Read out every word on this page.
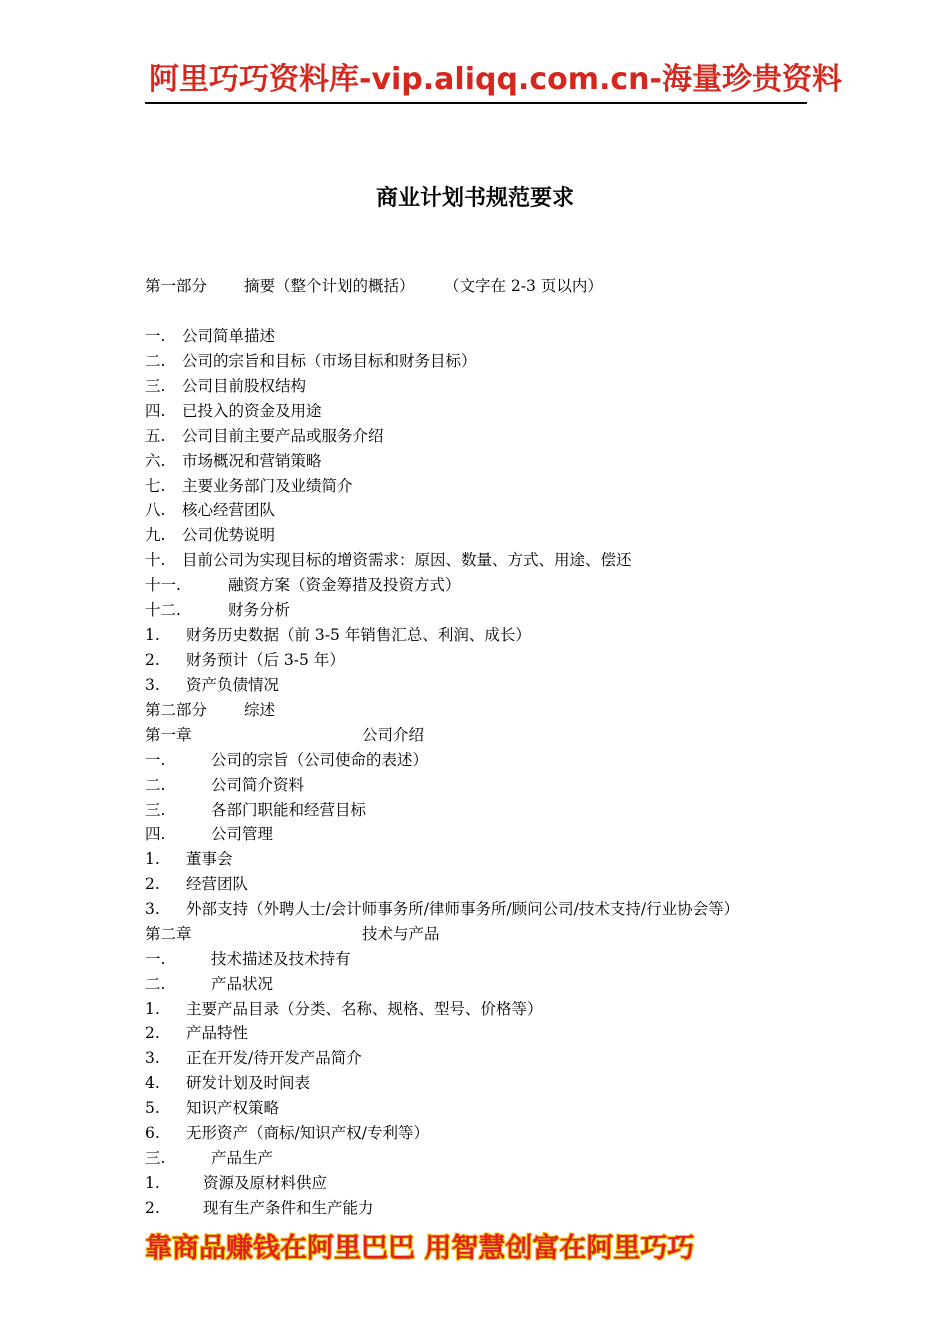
阿里巧巧资料库-vip.aliqq.com.cn-海量珍贵资料
商业计划书规范要求
第一部分 摘要（整个计划的概括） （文字在 2-3 页以内）
一. 公司简单描述
二. 公司的宗旨和目标（市场目标和财务目标）
三. 公司目前股权结构
四. 已投入的资金及用途
五. 公司目前主要产品或服务介绍
六. 市场概况和营销策略
七. 主要业务部门及业绩简介
八. 核心经营团队
九. 公司优势说明
十. 目前公司为实现目标的增资需求：原因、数量、方式、用途、偿还
十一.	融资方案（资金筹措及投资方式）
十二.	财务分析
1. 财务历史数据（前 3-5 年销售汇总、利润、成长）
2. 财务预计（后 3-5 年）
3. 资产负债情况
第二部分 综述
第一章	公司介绍
一.	公司的宗旨（公司使命的表述）
二.	公司简介资料
三.	各部门职能和经营目标
四.	公司管理
1. 董事会
2. 经营团队
3. 外部支持（外聘人士/会计师事务所/律师事务所/顾问公司/技术支持/行业协会等）
第二章	技术与产品
一.	技术描述及技术持有
二.	产品状况
1. 主要产品目录（分类、名称、规格、型号、价格等）
2. 产品特性
3. 正在开发/待开发产品简介
4. 研发计划及时间表
5. 知识产权策略
6. 无形资产（商标/知识产权/专利等）
三.	产品生产
1.	资源及原材料供应
2.	现有生产条件和生产能力
靠商品赚钱在阿里巴巴 用智慧创富在阿里巧巧
